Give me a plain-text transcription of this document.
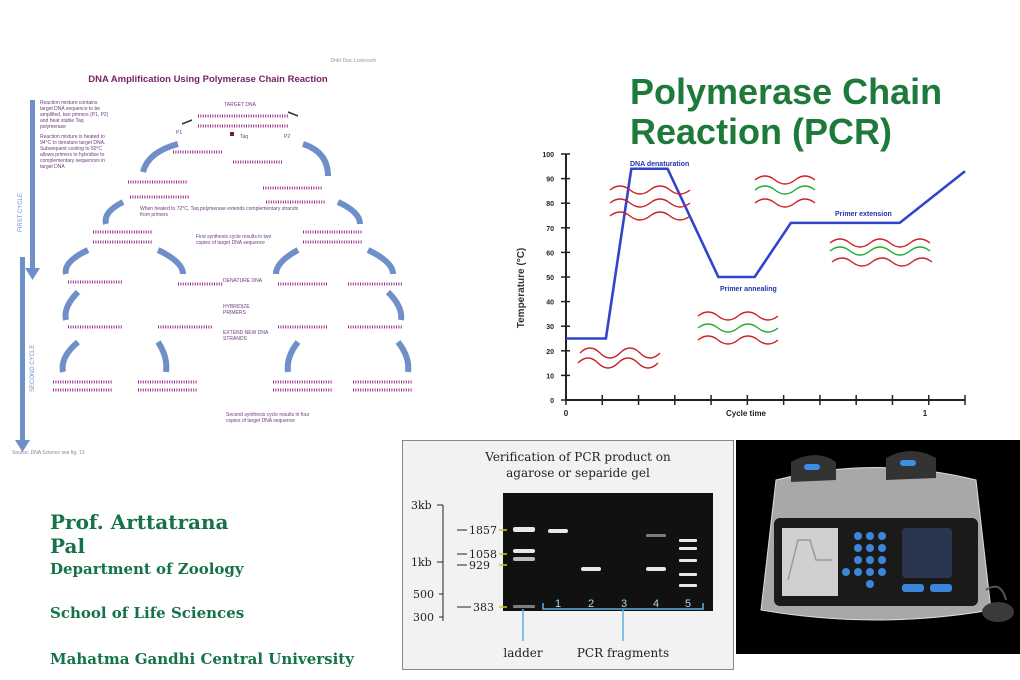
Polymerase Chain
Reaction (PCR)
Dhfrt Dwc Lxxkvxark
DNA Amplification Using Polymerase Chain Reaction
FIRST CYCLE
SECOND CYCLE
Reaction mixture contains target DNA sequence to be amplified, two primers (P1, P2) and heat stable Taq polymerase
Reaction mixture is heated to 94°C to denature target DNA. Subsequent cooling to 50°C allows primers to hybridize to complementary sequences in target DNA
When heated to 72°C, Taq polymerase extends complementary strands from primers
First synthesis cycle results in two copies of target DNA sequence
DENATURE DNA
HYBRIDIZE PRIMERS
EXTEND NEW DNA STRANDS
Second synthesis cycle results in four copies of target DNA sequence
TARGET DNA
P1
P2
Taq
Source: DNA Science see fig. 13
Temperature (°C)
100
90
80
70
60
50
40
30
20
10
0
0	1
Cycle time
DNA denaturation
Primer annealing
Primer extension
Prof. Arttatrana
Pal
Department of Zoology
School of Life Sciences
Mahatma Gandhi Central University
Verification of PCR product on
agarose or separide gel
3kb
1kb
500
300
1857
1058
929
383	1 2 3 4 5
ladder	PCR fragments
